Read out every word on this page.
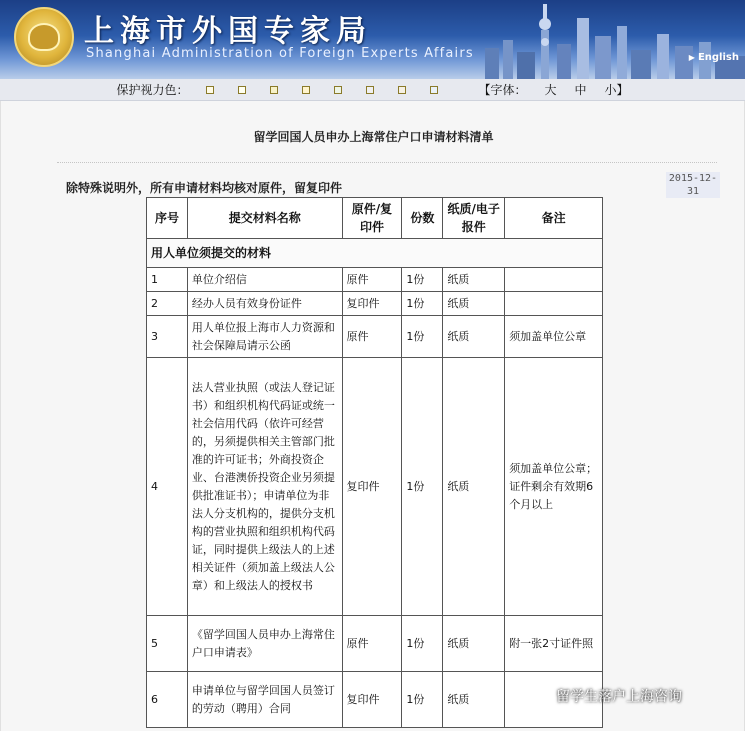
上海市外国专家局
Shanghai Administration of Foreign Experts Affairs	▶ English
保护视力色：	【字体： 大 中 小】
留学回国人员申办上海常住户口申请材料清单
2015-12-31
除特殊说明外，所有申请材料均核对原件，留复印件
序号	提交材料名称	原件/复印件	份数	纸质/电子报件	备注
用人单位须提交的材料					
1	单位介绍信	原件	1份	纸质	
2	经办人员有效身份证件	复印件	1份	纸质	
3	用人单位报上海市人力资源和社会保障局请示公函	原件	1份	纸质	须加盖单位公章
4	法人营业执照（或法人登记证书）和组织机构代码证或统一社会信用代码（依许可经营的，另须提供相关主管部门批准的许可证书；外商投资企业、台港澳侨投资企业另须提供批准证书）；申请单位为非法人分支机构的，提供分支机构的营业执照和组织机构代码证，同时提供上级法人的上述相关证件（须加盖上级法人公章）和上级法人的授权书	复印件	1份	纸质	须加盖单位公章；证件剩余有效期6个月以上
5	《留学回国人员申办上海常住户口申请表》	原件	1份	纸质	附一张2寸证件照
6	申请单位与留学回国人员签订的劳动（聘用）合同	复印件	1份	纸质		留学生落户上海咨询
